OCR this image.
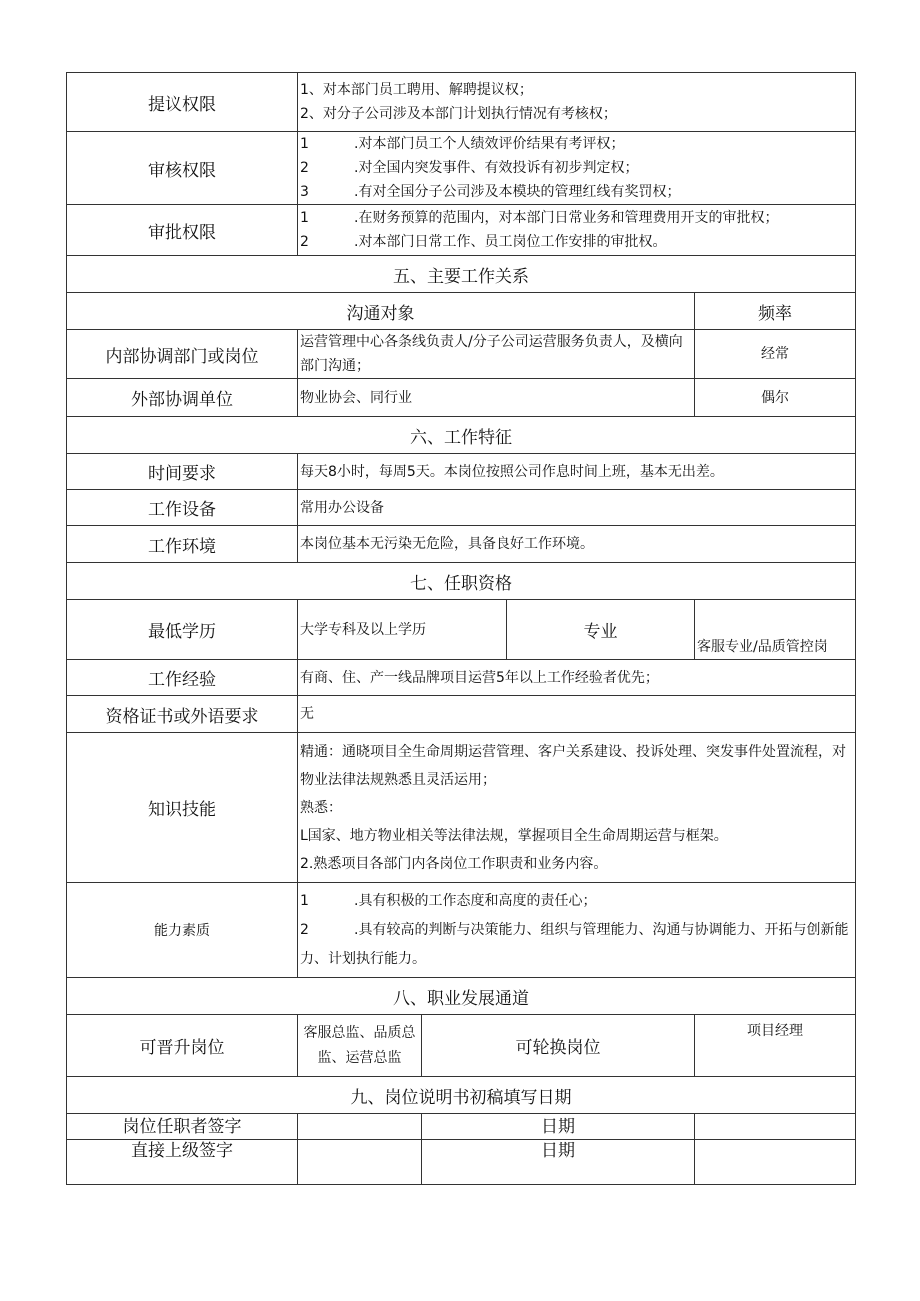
提议权限	1、对本部门员工聘用、解聘提议权；
2、对分子公司涉及本部门计划执行情况有考核权；			

审核权限	1 .对本部门员工个人绩效评价结果有考评权；
2 .对全国内突发事件、有效投诉有初步判定权；
3 .有对全国分子公司涉及本模块的管理红线有奖罚权；			

审批权限	1 .在财务预算的范围内，对本部门日常业务和管理费用开支的审批权；
2 .对本部门日常工作、员工岗位工作安排的审批权。			

五、主要工作关系				
沟通对象				频率
内部协调部门或岗位	运营管理中心各条线负责人/分子公司运营服务负责人，及横向部门沟通；			经常
外部协调单位	物业协会、同行业			偶尔
六、工作特征				
时间要求	每天8小时，每周5天。本岗位按照公司作息时间上班，基本无出差。			
工作设备	常用办公设备			
工作环境	本岗位基本无污染无危险，具备良好工作环境。			
七、任职资格				
最低学历	大学专科及以上学历		专业	客服专业/品质管控岗
工作经验	有商、住、产一线品牌项目运营5年以上工作经验者优先；			
资格证书或外语要求	无			
知识技能	精通：通晓项目全生命周期运营管理、客户关系建设、投诉处理、突发事件处置流程，对物业法律法规熟悉且灵活运用；
熟悉：
L国家、地方物业相关等法律法规，掌握项目全生命周期运营与框架。
2.熟悉项目各部门内各岗位工作职责和业务内容。			

能力素质	1 .具有积极的工作态度和高度的责任心；
2 .具有较高的判断与决策能力、组织与管理能力、沟通与协调能力、开拓与创新能力、计划执行能力。			

八、职业发展通道				
可晋升岗位	客服总监、品质总监、运营总监	可轮换岗位		项目经理
九、岗位说明书初稿填写日期				
岗位任职者签字		日期		
直接上级签字		日期		
